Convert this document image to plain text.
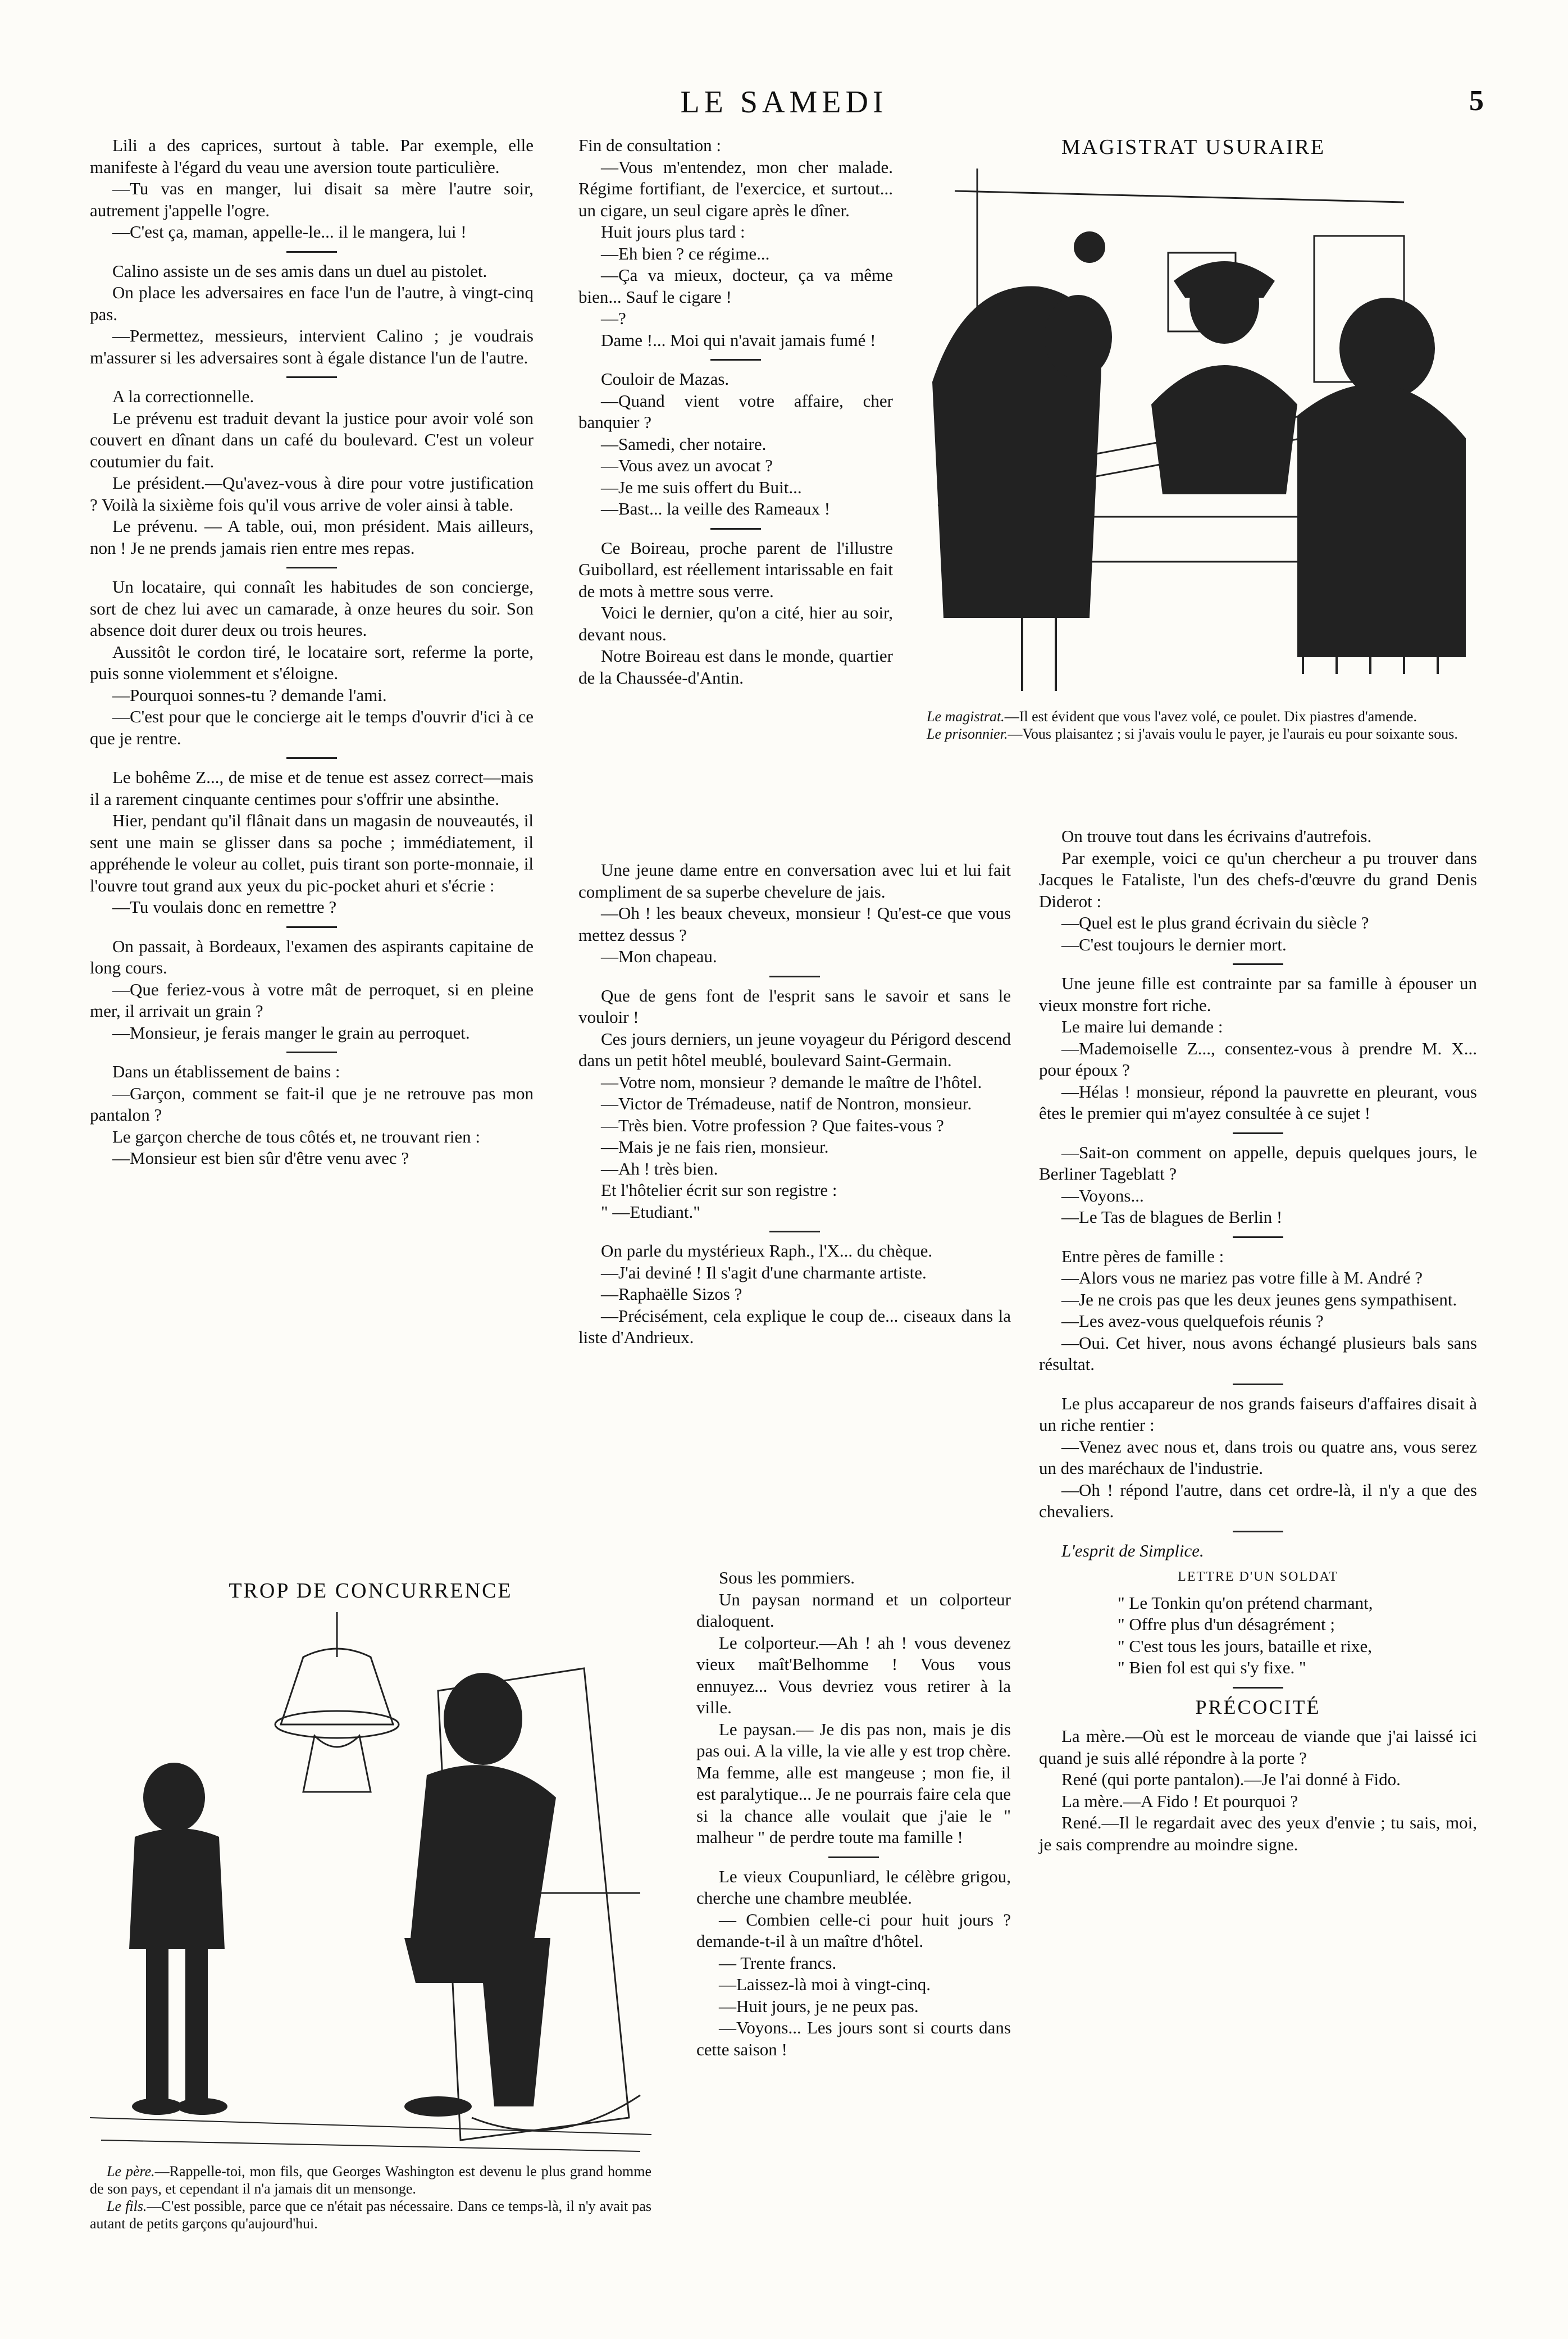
LE SAMEDI	5

Lili a des caprices, surtout à table. Par exemple, elle manifeste à l'égard du veau une aversion toute particulière.

—Tu vas en manger, lui disait sa mère l'autre soir, autrement j'appelle l'ogre.

—C'est ça, maman, appelle-le... il le mangera, lui !

Calino assiste un de ses amis dans un duel au pistolet.

On place les adversaires en face l'un de l'autre, à vingt-cinq pas.

—Permettez, messieurs, intervient Calino ; je voudrais m'assurer si les adversaires sont à égale distance l'un de l'autre.

A la correctionnelle.

Le prévenu est traduit devant la justice pour avoir volé son couvert en dînant dans un café du boulevard. C'est un voleur coutumier du fait.

Le président.—Qu'avez-vous à dire pour votre justification ? Voilà la sixième fois qu'il vous arrive de voler ainsi à table.

Le prévenu. — A table, oui, mon président. Mais ailleurs, non ! Je ne prends jamais rien entre mes repas.

Un locataire, qui connaît les habitudes de son concierge, sort de chez lui avec un camarade, à onze heures du soir. Son absence doit durer deux ou trois heures.

Aussitôt le cordon tiré, le locataire sort, referme la porte, puis sonne violemment et s'éloigne.

—Pourquoi sonnes-tu ? demande l'ami.

—C'est pour que le concierge ait le temps d'ouvrir d'ici à ce que je rentre.

Le bohême Z..., de mise et de tenue est assez correct—mais il a rarement cinquante centimes pour s'offrir une absinthe.

Hier, pendant qu'il flânait dans un magasin de nouveautés, il sent une main se glisser dans sa poche ; immédiatement, il appréhende le voleur au collet, puis tirant son porte-monnaie, il l'ouvre tout grand aux yeux du pic-pocket ahuri et s'écrie :

—Tu voulais donc en remettre ?

On passait, à Bordeaux, l'examen des aspirants capitaine de long cours.

—Que feriez-vous à votre mât de perroquet, si en pleine mer, il arrivait un grain ?

—Monsieur, je ferais manger le grain au perroquet.

Dans un établissement de bains :

—Garçon, comment se fait-il que je ne retrouve pas mon pantalon ?

Le garçon cherche de tous côtés et, ne trouvant rien :

—Monsieur est bien sûr d'être venu avec ?

Fin de consultation :

—Vous m'entendez, mon cher malade. Régime fortifiant, de l'exercice, et surtout... un cigare, un seul cigare après le dîner.

Huit jours plus tard :

—Eh bien ? ce régime...

—Ça va mieux, docteur, ça va même bien... Sauf le cigare !

—?

Dame !... Moi qui n'avait jamais fumé !

Couloir de Mazas.

—Quand vient votre affaire, cher banquier ?

—Samedi, cher notaire.

—Vous avez un avocat ?

—Je me suis offert du Buit...

—Bast... la veille des Rameaux !

Ce Boireau, proche parent de l'illustre Guibollard, est réellement intarissable en fait de mots à mettre sous verre.

Voici le dernier, qu'on a cité, hier au soir, devant nous.

Notre Boireau est dans le monde, quartier de la Chaussée-d'Antin.

Une jeune dame entre en conversation avec lui et lui fait compliment de sa superbe chevelure de jais.

—Oh ! les beaux cheveux, monsieur ! Qu'est-ce que vous mettez dessus ?

—Mon chapeau.

Que de gens font de l'esprit sans le savoir et sans le vouloir !

Ces jours derniers, un jeune voyageur du Périgord descend dans un petit hôtel meublé, boulevard Saint-Germain.

—Votre nom, monsieur ? demande le maître de l'hôtel.

—Victor de Trémadeuse, natif de Nontron, monsieur.

—Très bien. Votre profession ? Que faites-vous ?

—Mais je ne fais rien, monsieur.

—Ah ! très bien.

Et l'hôtelier écrit sur son registre :

" —Etudiant."

On parle du mystérieux Raph., l'X... du chèque.

—J'ai deviné ! Il s'agit d'une charmante artiste.

—Raphaëlle Sizos ?

—Précisément, cela explique le coup de... ciseaux dans la liste d'Andrieux.

MAGISTRAT USURAIRE

Le magistrat.—Il est évident que vous l'avez volé, ce poulet. Dix piastres d'amende.

Le prisonnier.—Vous plaisantez ; si j'avais voulu le payer, je l'aurais eu pour soixante sous.

On trouve tout dans les écrivains d'autrefois.

Par exemple, voici ce qu'un chercheur a pu trouver dans Jacques le Fataliste, l'un des chefs-d'œuvre du grand Denis Diderot :

—Quel est le plus grand écrivain du siècle ?

—C'est toujours le dernier mort.

Une jeune fille est contrainte par sa famille à épouser un vieux monstre fort riche.

Le maire lui demande :

—Mademoiselle Z..., consentez-vous à prendre M. X... pour époux ?

—Hélas ! monsieur, répond la pauvrette en pleurant, vous êtes le premier qui m'ayez consultée à ce sujet !

—Sait-on comment on appelle, depuis quelques jours, le Berliner Tageblatt ?

—Voyons...

—Le Tas de blagues de Berlin !

Entre pères de famille :

—Alors vous ne mariez pas votre fille à M. André ?

—Je ne crois pas que les deux jeunes gens sympathisent.

—Les avez-vous quelquefois réunis ?

—Oui. Cet hiver, nous avons échangé plusieurs bals sans résultat.

Le plus accapareur de nos grands faiseurs d'affaires disait à un riche rentier :

—Venez avec nous et, dans trois ou quatre ans, vous serez un des maréchaux de l'industrie.

—Oh ! répond l'autre, dans cet ordre-là, il n'y a que des chevaliers.

L'esprit de Simplice.

LETTRE D'UN SOLDAT

" Le Tonkin qu'on prétend charmant,

" Offre plus d'un désagrément ;

" C'est tous les jours, bataille et rixe,

" Bien fol est qui s'y fixe. "

PRÉCOCITÉ

La mère.—Où est le morceau de viande que j'ai laissé ici quand je suis allé répondre à la porte ?

René (qui porte pantalon).—Je l'ai donné à Fido.

La mère.—A Fido ! Et pourquoi ?

René.—Il le regardait avec des yeux d'envie ; tu sais, moi, je sais comprendre au moindre signe.

TROP DE CONCURRENCE

Le père.—Rappelle-toi, mon fils, que Georges Washington est devenu le plus grand homme de son pays, et cependant il n'a jamais dit un mensonge.

Le fils.—C'est possible, parce que ce n'était pas nécessaire. Dans ce temps-là, il n'y avait pas autant de petits garçons qu'aujourd'hui.

Sous les pommiers.

Un paysan normand et un colporteur dialoquent.

Le colporteur.—Ah ! ah ! vous devenez vieux maît'Belhomme ! Vous vous ennuyez... Vous devriez vous retirer à la ville.

Le paysan.— Je dis pas non, mais je dis pas oui. A la ville, la vie alle y est trop chère. Ma femme, alle est mangeuse ; mon fie, il est paralytique... Je ne pourrais faire cela que si la chance alle voulait que j'aie le " malheur " de perdre toute ma famille !

Le vieux Coupunliard, le célèbre grigou, cherche une chambre meublée.

— Combien celle-ci pour huit jours ? demande-t-il à un maître d'hôtel.

— Trente francs.

—Laissez-là moi à vingt-cinq.

—Huit jours, je ne peux pas.

—Voyons... Les jours sont si courts dans cette saison !
